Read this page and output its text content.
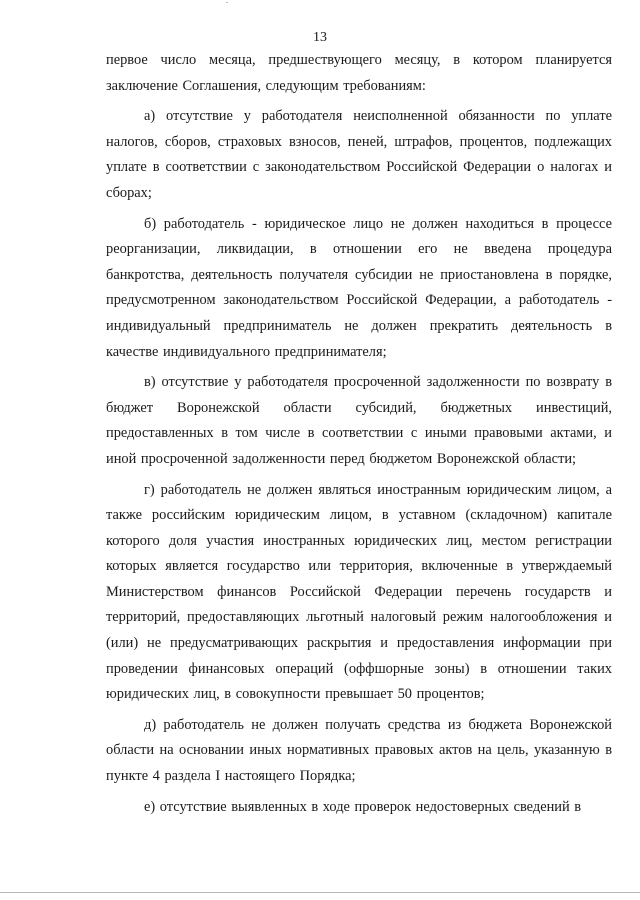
13

первое число месяца, предшествующего месяцу, в котором планируется заключение Соглашения, следующим требованиям:

а) отсутствие у работодателя неисполненной обязанности по уплате налогов, сборов, страховых взносов, пеней, штрафов, процентов, подлежащих уплате в соответствии с законодательством Российской Федерации о налогах и сборах;

б) работодатель - юридическое лицо не должен находиться в процессе реорганизации, ликвидации, в отношении его не введена процедура банкротства, деятельность получателя субсидии не приостановлена в порядке, предусмотренном законодательством Российской Федерации, а работодатель - индивидуальный предприниматель не должен прекратить деятельность в качестве индивидуального предпринимателя;

в) отсутствие у работодателя просроченной задолженности по возврату в бюджет Воронежской области субсидий, бюджетных инвестиций, предоставленных в том числе в соответствии с иными правовыми актами, и иной просроченной задолженности перед бюджетом Воронежской области;

г) работодатель не должен являться иностранным юридическим лицом, а также российским юридическим лицом, в уставном (складочном) капитале которого доля участия иностранных юридических лиц, местом регистрации которых является государство или территория, включенные в утверждаемый Министерством финансов Российской Федерации перечень государств и территорий, предоставляющих льготный налоговый режим налогообложения и (или) не предусматривающих раскрытия и предоставления информации при проведении финансовых операций (оффшорные зоны) в отношении таких юридических лиц, в совокупности превышает 50 процентов;

д) работодатель не должен получать средства из бюджета Воронежской области на основании иных нормативных правовых актов на цель, указанную в пункте 4 раздела I настоящего Порядка;

е) отсутствие выявленных в ходе проверок недостоверных сведений в
